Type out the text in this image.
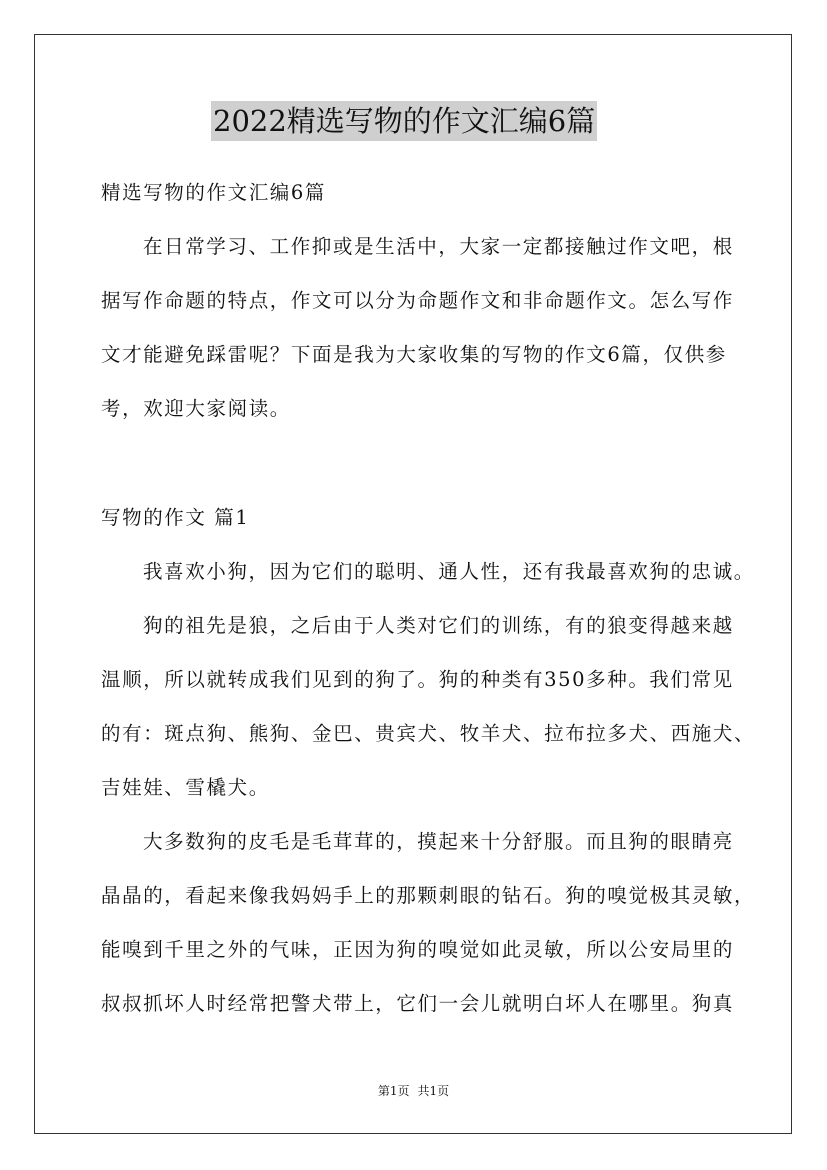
2022精选写物的作文汇编6篇
精选写物的作文汇编6篇
在日常学习、工作抑或是生活中，大家一定都接触过作文吧，根
据写作命题的特点，作文可以分为命题作文和非命题作文。怎么写作
文才能避免踩雷呢？下面是我为大家收集的写物的作文6篇，仅供参
考，欢迎大家阅读。
写物的作文 篇1
我喜欢小狗，因为它们的聪明、通人性，还有我最喜欢狗的忠诚。
狗的祖先是狼，之后由于人类对它们的训练，有的狼变得越来越
温顺，所以就转成我们见到的狗了。狗的种类有350多种。我们常见
的有：斑点狗、熊狗、金巴、贵宾犬、牧羊犬、拉布拉多犬、西施犬、
吉娃娃、雪橇犬。
大多数狗的皮毛是毛茸茸的，摸起来十分舒服。而且狗的眼睛亮
晶晶的，看起来像我妈妈手上的那颗刺眼的钻石。狗的嗅觉极其灵敏，
能嗅到千里之外的气味，正因为狗的嗅觉如此灵敏，所以公安局里的
叔叔抓坏人时经常把警犬带上，它们一会儿就明白坏人在哪里。狗真
第1页 共1页
